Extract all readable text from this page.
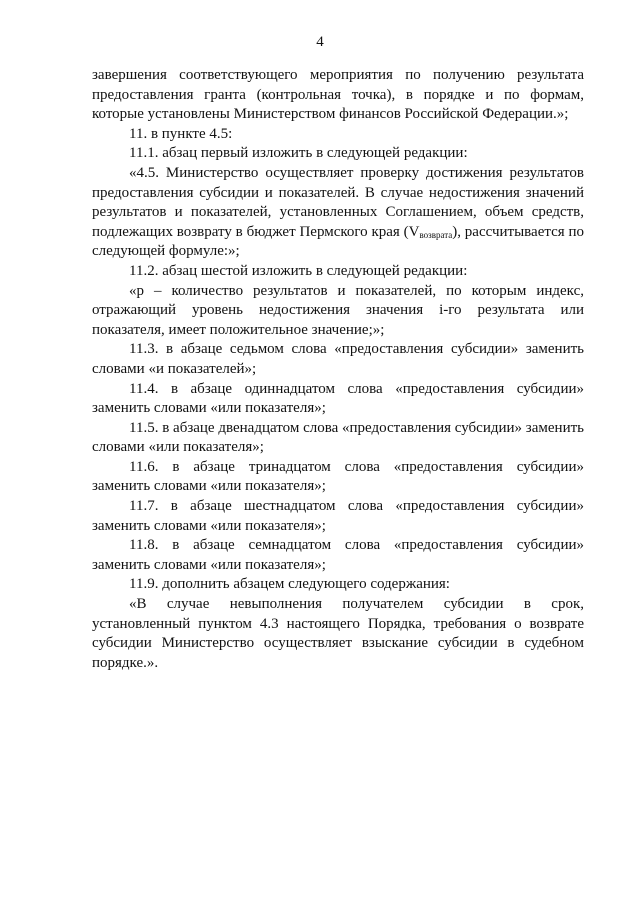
4

завершения соответствующего мероприятия по получению результата предоставления гранта (контрольная точка), в порядке и по формам, которые установлены Министерством финансов Российской Федерации.»;

11. в пункте 4.5:

11.1. абзац первый изложить в следующей редакции:

«4.5. Министерство осуществляет проверку достижения результатов предоставления субсидии и показателей. В случае недостижения значений результатов и показателей, установленных Соглашением, объем средств, подлежащих возврату в бюджет Пермского края $(V_{возврата})$, рассчитывается по следующей формуле:»;

11.2. абзац шестой изложить в следующей редакции:

«р – количество результатов и показателей, по которым индекс, отражающий уровень недостижения значения i-го результата или показателя, имеет положительное значение;»;

11.3. в абзаце седьмом слова «предоставления субсидии» заменить словами «и показателей»;

11.4. в абзаце одиннадцатом слова «предоставления субсидии» заменить словами «или показателя»;

11.5. в абзаце двенадцатом слова «предоставления субсидии» заменить словами «или показателя»;

11.6. в абзаце тринадцатом слова «предоставления субсидии» заменить словами «или показателя»;

11.7. в абзаце шестнадцатом слова «предоставления субсидии» заменить словами «или показателя»;

11.8. в абзаце семнадцатом слова «предоставления субсидии» заменить словами «или показателя»;

11.9. дополнить абзацем следующего содержания:

«В случае невыполнения получателем субсидии в срок, установленный пунктом 4.3 настоящего Порядка, требования о возврате субсидии Министерство осуществляет взыскание субсидии в судебном порядке.».
